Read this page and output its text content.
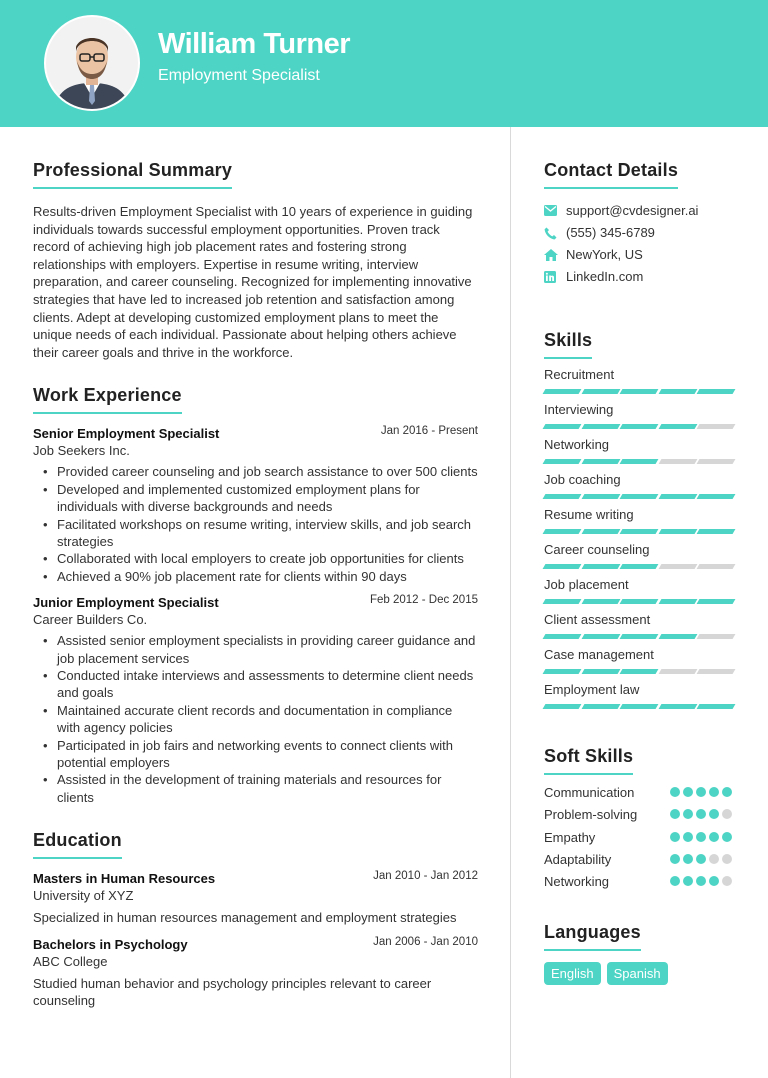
William Turner
Employment Specialist
Professional Summary

Results-driven Employment Specialist with 10 years of experience in guiding individuals towards successful employment opportunities. Proven track record of achieving high job placement rates and fostering strong relationships with employers. Expertise in resume writing, interview preparation, and career counseling. Recognized for implementing innovative strategies that have led to increased job retention and satisfaction among clients. Adept at developing customized employment plans to meet the unique needs of each individual. Passionate about helping others achieve their career goals and thrive in the workforce.

Work Experience
Senior Employment Specialist	Jan 2016 - Present
Job Seekers Inc.
• Provided career counseling and job search assistance to over 500 clients
• Developed and implemented customized employment plans for individuals with diverse backgrounds and needs
• Facilitated workshops on resume writing, interview skills, and job search strategies
• Collaborated with local employers to create job opportunities for clients
• Achieved a 90% job placement rate for clients within 90 days
Junior Employment Specialist	Feb 2012 - Dec 2015
Career Builders Co.
• Assisted senior employment specialists in providing career guidance and job placement services
• Conducted intake interviews and assessments to determine client needs and goals
• Maintained accurate client records and documentation in compliance with agency policies
• Participated in job fairs and networking events to connect clients with potential employers
• Assisted in the development of training materials and resources for clients
Education
Masters in Human Resources	Jan 2010 - Jan 2012
University of XYZ
Specialized in human resources management and employment strategies
Bachelors in Psychology	Jan 2006 - Jan 2010
ABC College
Studied human behavior and psychology principles relevant to career counseling
Contact Details
support@cvdesigner.ai
(555) 345-6789
NewYork, US
LinkedIn.com
Skills
Recruitment
Interviewing
Networking
Job coaching
Resume writing
Career counseling
Job placement
Client assessment
Case management
Employment law
Soft Skills
Communication
Problem-solving
Empathy
Adaptability
Networking
Languages
English	Spanish
